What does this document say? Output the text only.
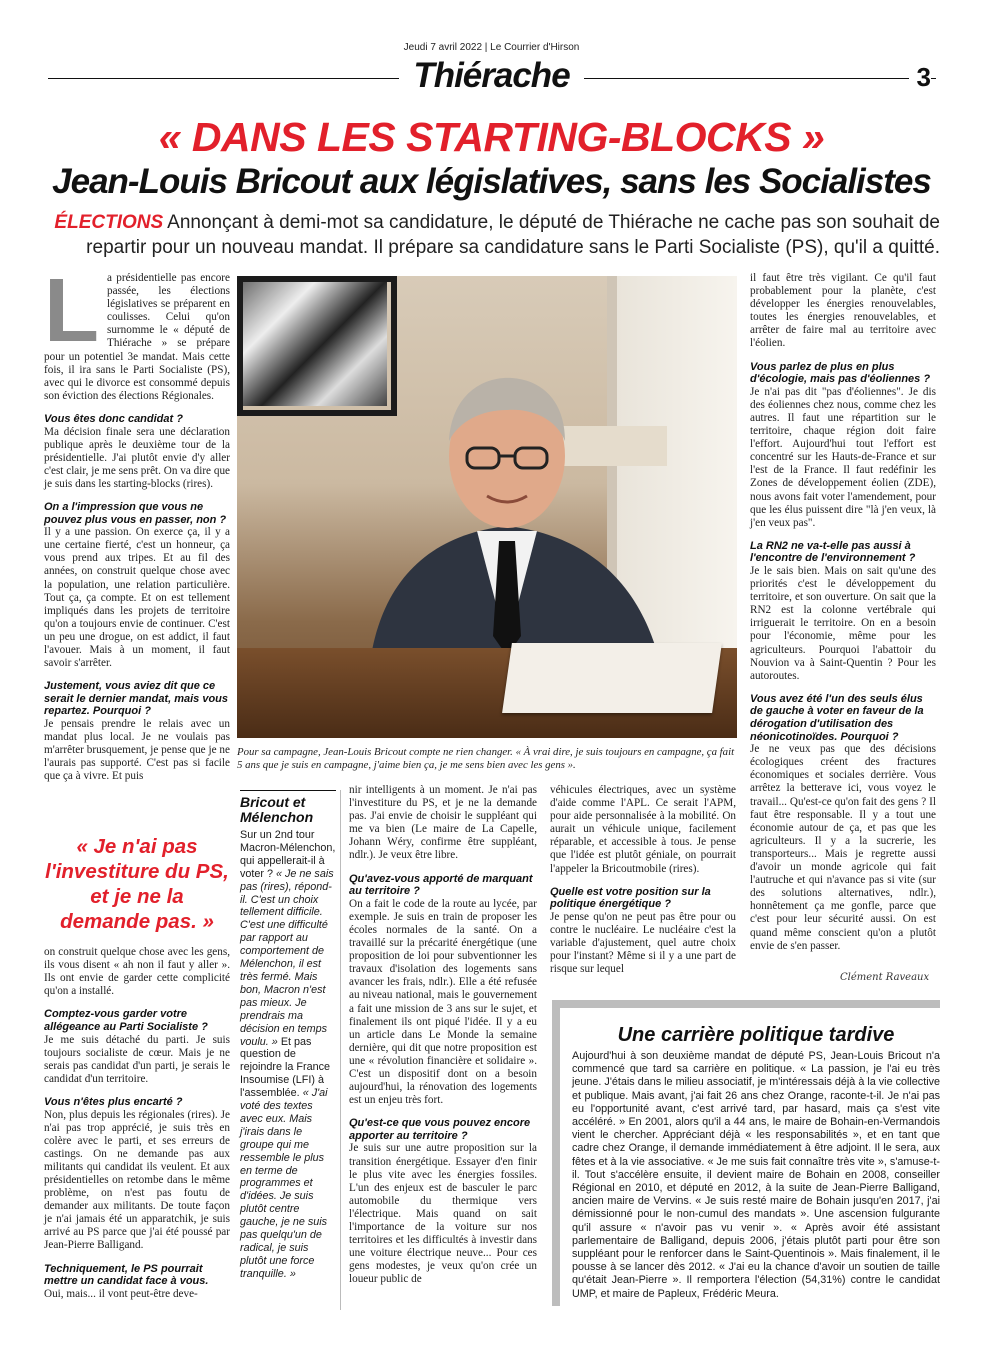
Jeudi 7 avril 2022 | Le Courrier d'Hirson
Thiérache	3
« DANS LES STARTING-BLOCKS »
Jean-Louis Bricout aux législatives, sans les Socialistes
ÉLECTIONS Annonçant à demi-mot sa candidature, le député de Thiérache ne cache pas son souhait de repartir pour un nouveau mandat. Il prépare sa candidature sans le Parti Socialiste (PS), qu'il a quitté.
L a présidentielle pas encore passée, les élections législatives se préparent en coulisses. Celui qu'on surnomme le « député de Thiérache » se prépare pour un potentiel 3e mandat. Mais cette fois, il ira sans le Parti Socialiste (PS), avec qui le divorce est consommé depuis son éviction des élections Régionales.

Vous êtes donc candidat ?

Ma décision finale sera une déclaration publique après le deuxième tour de la présidentielle. J'ai plutôt envie d'y aller c'est clair, je me sens prêt. On va dire que je suis dans les starting-blocks (rires).

On a l'impression que vous ne pouvez plus vous en passer, non ?

Il y a une passion. On exerce ça, il y a une certaine fierté, c'est un honneur, ça vous prend aux tripes. Et au fil des années, on construit quelque chose avec la population, une relation particulière. Tout ça, ça compte. Et on est tellement impliqués dans les projets de territoire qu'on a toujours envie de continuer. C'est un peu une drogue, on est addict, il faut l'avouer. Mais à un moment, il faut savoir s'arrêter.

Justement, vous aviez dit que ce serait le dernier mandat, mais vous repartez. Pourquoi ?

Je pensais prendre le relais avec un mandat plus local. Je ne voulais pas m'arrêter brusquement, je pense que je ne l'aurais pas supporté. C'est pas si facile que ça à vivre. Et puis

« Je n'ai pas l'investiture du PS, et je ne la demande pas. »

on construit quelque chose avec les gens, ils vous disent « ah non il faut y aller ». Ils ont envie de garder cette complicité qu'on a installé.

Comptez-vous garder votre allégeance au Parti Socialiste ?

Je me suis détaché du parti. Je suis toujours socialiste de cœur. Mais je ne serais pas candidat d'un parti, je serais le candidat d'un territoire.

Vous n'êtes plus encarté ?

Non, plus depuis les régionales (rires). Je n'ai pas trop apprécié, je suis très en colère avec le parti, et ses erreurs de castings. On ne demande pas aux militants qui candidat ils veulent. Et aux présidentielles on retombe dans le même problème, on n'est pas foutu de demander aux militants. De toute façon je n'ai jamais été un apparatchik, je suis arrivé au PS parce que j'ai été poussé par Jean-Pierre Balligand.

Techniquement, le PS pourrait mettre un candidat face à vous.

Oui, mais... il vont peut-être deve-

Pour sa campagne, Jean-Louis Bricout compte ne rien changer. « À vrai dire, je suis toujours en campagne, ça fait 5 ans que je suis en campagne, j'aime bien ça, je me sens bien avec les gens ».
Bricout et Mélenchon
Sur un 2nd tour Macron-Mélenchon, qui appellerait-il à voter ? « Je ne sais pas (rires), répond-il. C'est un choix tellement difficile. C'est une difficulté par rapport au comportement de Mélenchon, il est très fermé. Mais bon, Macron n'est pas mieux. Je prendrais ma décision en temps voulu. » Et pas question de rejoindre la France Insoumise (LFI) à l'assemblée. « J'ai voté des textes avec eux. Mais j'irais dans le groupe qui me ressemble le plus en terme de programmes et d'idées. Je suis plutôt centre gauche, je ne suis pas quelqu'un de radical, je suis plutôt une force tranquille. »

nir intelligents à un moment. Je n'ai pas l'investiture du PS, et je ne la demande pas. J'ai envie de choisir le suppléant qui me va bien (Le maire de La Capelle, Johann Wéry, confirme être suppléant, ndlr.). Je veux être libre.

Qu'avez-vous apporté de marquant au territoire ?

On a fait le code de la route au lycée, par exemple. Je suis en train de proposer les écoles normales de la santé. On a travaillé sur la précarité énergétique (une proposition de loi pour subventionner les travaux d'isolation des logements sans avancer les frais, ndlr.). Elle a été refusée au niveau national, mais le gouvernement a fait une mission de 3 ans sur le sujet, et finalement ils ont piqué l'idée. Il y a eu un article dans Le Monde la semaine dernière, qui dit que notre proposition est une « révolution financière et solidaire ». C'est un dispositif dont on a besoin aujourd'hui, la rénovation des logements est un enjeu très fort.

Qu'est-ce que vous pouvez encore apporter au territoire ?

Je suis sur une autre proposition sur la transition énergétique. Essayer d'en finir le plus vite avec les énergies fossiles. L'un des enjeux est de basculer le parc automobile du thermique vers l'électrique. Mais quand on sait l'importance de la voiture sur nos territoires et les difficultés à investir dans une voiture électrique neuve... Pour ces gens modestes, je veux qu'on crée un loueur public de

véhicules électriques, avec un système d'aide comme l'APL. Ce serait l'APM, pour aide personnalisée à la mobilité. On aurait un véhicule unique, facilement réparable, et accessible à tous. Je pense que l'idée est plutôt géniale, on pourrait l'appeler la Bricoutmobile (rires).

Quelle est votre position sur la politique énergétique ?

Je pense qu'on ne peut pas être pour ou contre le nucléaire. Le nucléaire c'est la variable d'ajustement, quel autre choix pour l'instant? Même si il y a une part de risque sur lequel

il faut être très vigilant. Ce qu'il faut probablement pour la planète, c'est développer les énergies renouvelables, toutes les énergies renouvelables, et arrêter de faire mal au territoire avec l'éolien.

Vous parlez de plus en plus d'écologie, mais pas d'éoliennes ?

Je n'ai pas dit "pas d'éoliennes". Je dis des éoliennes chez nous, comme chez les autres. Il faut une répartition sur le territoire, chaque région doit faire l'effort. Aujourd'hui tout l'effort est concentré sur les Hauts-de-France et sur l'est de la France. Il faut redéfinir les Zones de développement éolien (ZDE), nous avons fait voter l'amendement, pour que les élus puissent dire "là j'en veux, là j'en veux pas".

La RN2 ne va-t-elle pas aussi à l'encontre de l'environnement ?

Je le sais bien. Mais on sait qu'une des priorités c'est le développement du territoire, et son ouverture. On sait que la RN2 est la colonne vertébrale qui irriguerait le territoire. On en a besoin pour l'économie, même pour les agriculteurs. Pourquoi l'abattoir du Nouvion va à Saint-Quentin ? Pour les autoroutes.

Vous avez été l'un des seuls élus de gauche à voter en faveur de la dérogation d'utilisation des néonicotinoïdes. Pourquoi ?

Je ne veux pas que des décisions écologiques créent des fractures économiques et sociales derrière. Vous arrêtez la betterave ici, vous voyez le travail... Qu'est-ce qu'on fait des gens ? Il faut être responsable. Il y a tout une économie autour de ça, et pas que les agriculteurs. Il y a la sucrerie, les transporteurs... Mais je regrette aussi d'avoir un monde agricole qui fait l'autruche et qui n'avance pas si vite (sur des solutions alternatives, ndlr.), honnêtement ça me gonfle, parce que c'est pour leur sécurité aussi. On est quand même conscient qu'on a plutôt envie de s'en passer.

Clément Raveaux
Une carrière politique tardive
Aujourd'hui à son deuxième mandat de député PS, Jean-Louis Bricout n'a commencé que tard sa carrière en politique. « La passion, je l'ai eu très jeune. J'étais dans le milieu associatif, je m'intéressais déjà à la vie collective et publique. Mais avant, j'ai fait 26 ans chez Orange, raconte-t-il. Je n'ai pas eu l'opportunité avant, c'est arrivé tard, par hasard, mais ça s'est vite accéléré. » En 2001, alors qu'il a 44 ans, le maire de Bohain-en-Vermandois vient le chercher. Appréciant déjà « les responsabilités », et en tant que cadre chez Orange, il demande immédiatement à être adjoint. Il le sera, aux fêtes et à la vie associative. « Je me suis fait connaître très vite », s'amuse-t-il. Tout s'accélère ensuite, il devient maire de Bohain en 2008, conseiller Régional en 2010, et député en 2012, à la suite de Jean-Pierre Balligand, ancien maire de Vervins. « Je suis resté maire de Bohain jusqu'en 2017, j'ai démissionné pour le non-cumul des mandats ». Une ascension fulgurante qu'il assure « n'avoir pas vu venir ». « Après avoir été assistant parlementaire de Balligand, depuis 2006, j'étais plutôt parti pour être son suppléant pour le renforcer dans le Saint-Quentinois ». Mais finalement, il le pousse à se lancer dès 2012. « J'ai eu la chance d'avoir un soutien de taille qu'était Jean-Pierre ». Il remportera l'élection (54,31%) contre le candidat UMP, et maire de Papleux, Frédéric Meura.
